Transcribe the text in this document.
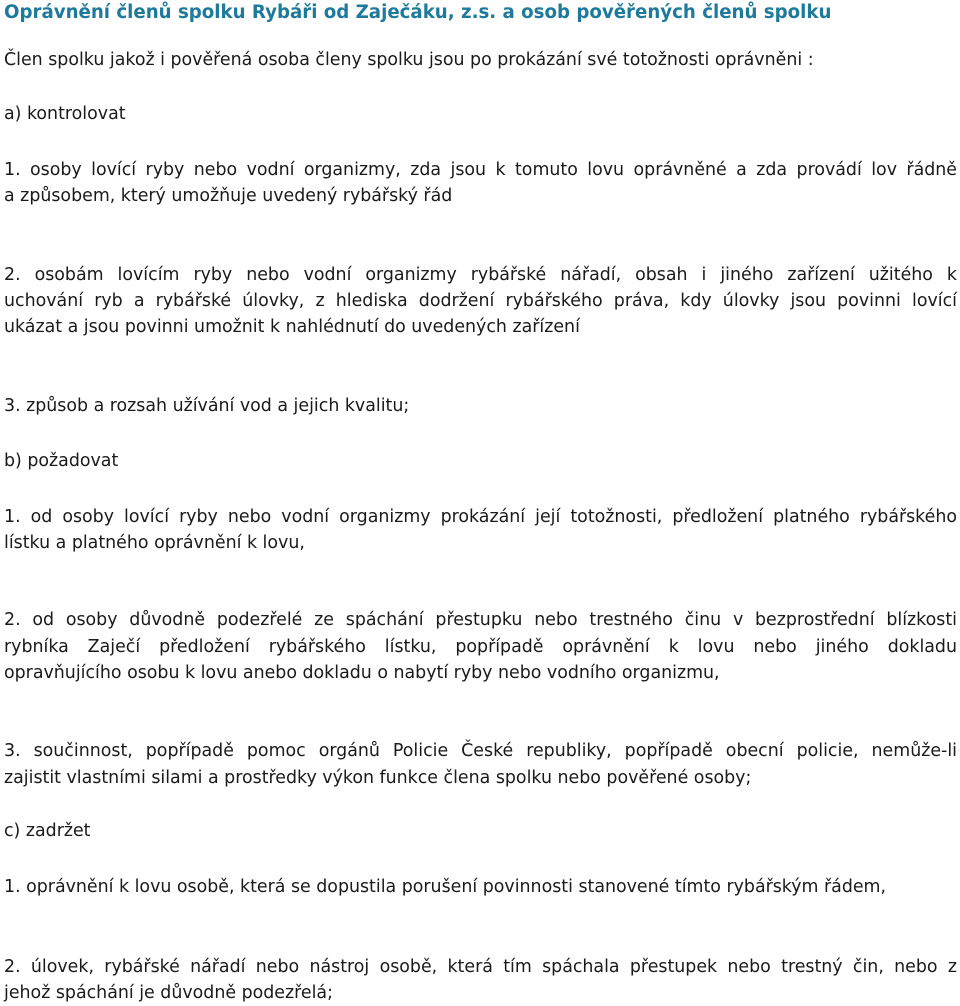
Oprávnění členů spolku Rybáři od Zaječáku, z.s. a osob pověřených členů spolku
Člen spolku jakož i pověřená osoba členy spolku jsou po prokázání své totožnosti oprávněni :
a) kontrolovat
1. osoby lovící ryby nebo vodní organizmy, zda jsou k tomuto lovu oprávněné a zda provádí lov řádně
a způsobem, který umožňuje uvedený rybářský řád
2. osobám lovícím ryby nebo vodní organizmy rybářské nářadí, obsah i jiného zařízení užitého k
uchování ryb a rybářské úlovky, z hlediska dodržení rybářského práva, kdy úlovky jsou povinni lovící
ukázat a jsou povinni umožnit k nahlédnutí do uvedených zařízení
3. způsob a rozsah užívání vod a jejich kvalitu;
b) požadovat
1. od osoby lovící ryby nebo vodní organizmy prokázání její totožnosti, předložení platného rybářského
lístku a platného oprávnění k lovu,
2. od osoby důvodně podezřelé ze spáchání přestupku nebo trestného činu v bezprostřední blízkosti
rybníka Zaječí předložení rybářského lístku, popřípadě oprávnění k lovu nebo jiného dokladu
opravňujícího osobu k lovu anebo dokladu o nabytí ryby nebo vodního organizmu,
3. součinnost, popřípadě pomoc orgánů Policie České republiky, popřípadě obecní policie, nemůže-li
zajistit vlastními silami a prostředky výkon funkce člena spolku nebo pověřené osoby;
c) zadržet
1. oprávnění k lovu osobě, která se dopustila porušení povinnosti stanovené tímto rybářským řádem,
2. úlovek, rybářské nářadí nebo nástroj osobě, která tím spáchala přestupek nebo trestný čin, nebo z
jehož spáchání je důvodně podezřelá;
